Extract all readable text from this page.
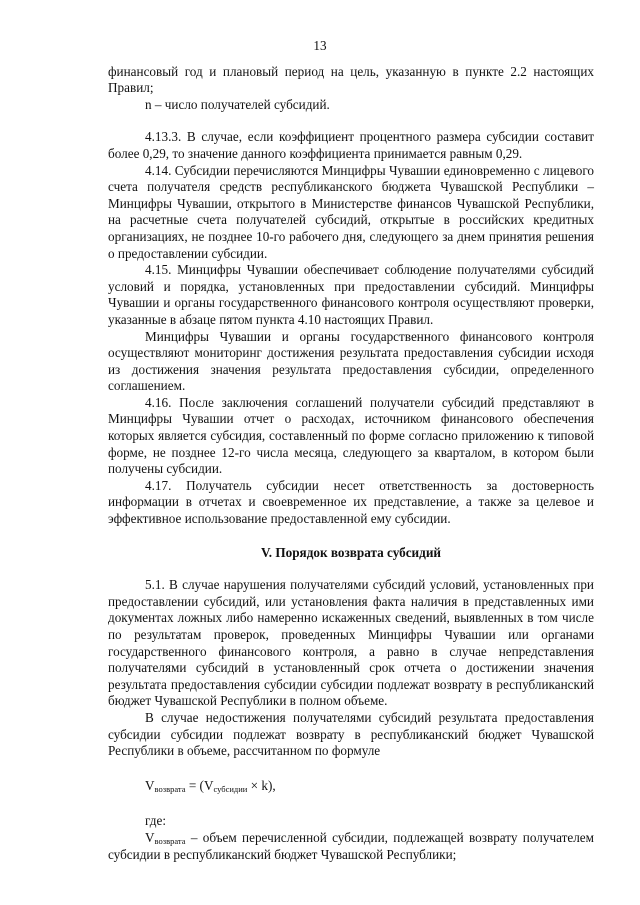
13

финансовый год и плановый период на цель, указанную в пункте 2.2 настоящих Правил;

n – число получателей субсидий.

4.13.3. В случае, если коэффициент процентного размера субсидии составит более 0,29, то значение данного коэффициента принимается равным 0,29.

4.14. Субсидии перечисляются Минцифры Чувашии единовременно с лицевого счета получателя средств республиканского бюджета Чувашской Республики – Минцифры Чувашии, открытого в Министерстве финансов Чувашской Республики, на расчетные счета получателей субсидий, открытые в российских кредитных организациях, не позднее 10-го рабочего дня, следующего за днем принятия решения о предоставлении субсидии.

4.15. Минцифры Чувашии обеспечивает соблюдение получателями субсидий условий и порядка, установленных при предоставлении субсидий. Минцифры Чувашии и органы государственного финансового контроля осуществляют проверки, указанные в абзаце пятом пункта 4.10 настоящих Правил.

Минцифры Чувашии и органы государственного финансового контроля осуществляют мониторинг достижения результата предоставления субсидии исходя из достижения значения результата предоставления субсидии, определенного соглашением.

4.16. После заключения соглашений получатели субсидий представляют в Минцифры Чувашии отчет о расходах, источником финансового обеспечения которых является субсидия, составленный по форме согласно приложению к типовой форме, не позднее 12-го числа месяца, следующего за кварталом, в котором были получены субсидии.

4.17. Получатель субсидии несет ответственность за достоверность информации в отчетах и своевременное их представление, а также за целевое и эффективное использование предоставленной ему субсидии.

V. Порядок возврата субсидий

5.1. В случае нарушения получателями субсидий условий, установленных при предоставлении субсидий, или установления факта наличия в представленных ими документах ложных либо намеренно искаженных сведений, выявленных в том числе по результатам проверок, проведенных Минцифры Чувашии или органами государственного финансового контроля, а равно в случае непредставления получателями субсидий в установленный срок отчета о достижении значения результата предоставления субсидии субсидии подлежат возврату в республиканский бюджет Чувашской Республики в полном объеме.

В случае недостижения получателями субсидий результата предоставления субсидии субсидии подлежат возврату в республиканский бюджет Чувашской Республики в объеме, рассчитанном по формуле

$V_{возврата} = (V_{субсидии} \times k)$,

где:

$V_{возврата}$ – объем перечисленной субсидии, подлежащей возврату получателем субсидии в республиканский бюджет Чувашской Республики;
